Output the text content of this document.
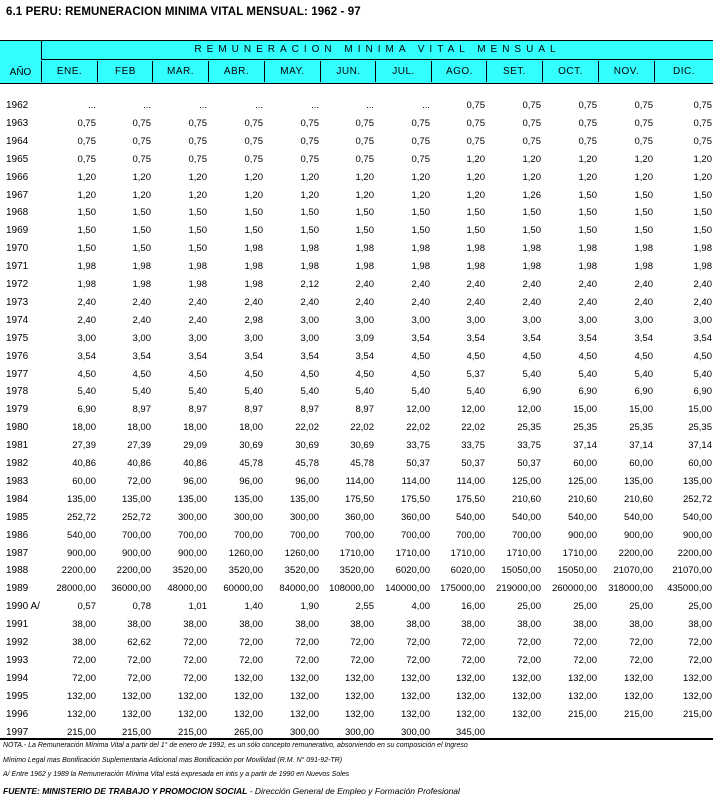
6.1 PERU: REMUNERACION MINIMA VITAL MENSUAL: 1962 - 97
REMUNERACION MINIMA VITAL MENSUAL
AÑO	ENE.	FEB	MAR.	ABR.	MAY.	JUN.	JUL.	AGO.	SET.	OCT.	NOV.	DIC.
1962	...	...	...	...	...	...	...	0,75	0,75	0,75	0,75	0,75
1963	0,75	0,75	0,75	0,75	0,75	0,75	0,75	0,75	0,75	0,75	0,75	0,75
1964	0,75	0,75	0,75	0,75	0,75	0,75	0,75	0,75	0,75	0,75	0,75	0,75
1965	0,75	0,75	0,75	0,75	0,75	0,75	0,75	1,20	1,20	1,20	1,20	1,20
1966	1,20	1,20	1,20	1,20	1,20	1,20	1,20	1,20	1,20	1,20	1,20	1,20
1967	1,20	1,20	1,20	1,20	1,20	1,20	1,20	1,20	1,26	1,50	1,50	1,50
1968	1,50	1,50	1,50	1,50	1,50	1,50	1,50	1,50	1,50	1,50	1,50	1,50
1969	1,50	1,50	1,50	1,50	1,50	1,50	1,50	1,50	1,50	1,50	1,50	1,50
1970	1,50	1,50	1,50	1,98	1,98	1,98	1,98	1,98	1,98	1,98	1,98	1,98
1971	1,98	1,98	1,98	1,98	1,98	1,98	1,98	1,98	1,98	1,98	1,98	1,98
1972	1,98	1,98	1,98	1,98	2,12	2,40	2,40	2,40	2,40	2,40	2,40	2,40
1973	2,40	2,40	2,40	2,40	2,40	2,40	2,40	2,40	2,40	2,40	2,40	2,40
1974	2,40	2,40	2,40	2,98	3,00	3,00	3,00	3,00	3,00	3,00	3,00	3,00
1975	3,00	3,00	3,00	3,00	3,00	3,09	3,54	3,54	3,54	3,54	3,54	3,54
1976	3,54	3,54	3,54	3,54	3,54	3,54	4,50	4,50	4,50	4,50	4,50	4,50
1977	4,50	4,50	4,50	4,50	4,50	4,50	4,50	5,37	5,40	5,40	5,40	5,40
1978	5,40	5,40	5,40	5,40	5,40	5,40	5,40	5,40	6,90	6,90	6,90	6,90
1979	6,90	8,97	8,97	8,97	8,97	8,97	12,00	12,00	12,00	15,00	15,00	15,00
1980	18,00	18,00	18,00	18,00	22,02	22,02	22,02	22,02	25,35	25,35	25,35	25,35
1981	27,39	27,39	29,09	30,69	30,69	30,69	33,75	33,75	33,75	37,14	37,14	37,14
1982	40,86	40,86	40,86	45,78	45,78	45,78	50,37	50,37	50,37	60,00	60,00	60,00
1983	60,00	72,00	96,00	96,00	96,00	114,00	114,00	114,00	125,00	125,00	135,00	135,00
1984	135,00	135,00	135,00	135,00	135,00	175,50	175,50	175,50	210,60	210,60	210,60	252,72
1985	252,72	252,72	300,00	300,00	300,00	360,00	360,00	540,00	540,00	540,00	540,00	540,00
1986	540,00	700,00	700,00	700,00	700,00	700,00	700,00	700,00	700,00	900,00	900,00	900,00
1987	900,00	900,00	900,00	1260,00	1260,00	1710,00	1710,00	1710,00	1710,00	1710,00	2200,00	2200,00
1988	2200,00	2200,00	3520,00	3520,00	3520,00	3520,00	6020,00	6020,00	15050,00	15050,00	21070,00	21070,00
1989	28000,00	36000,00	48000,00	60000,00	84000,00	108000,00	140000,00	175000,00	219000,00	260000,00	318000,00	435000,00
1990 A/	0,57	0,78	1,01	1,40	1,90	2,55	4,00	16,00	25,00	25,00	25,00	25,00
1991	38,00	38,00	38,00	38,00	38,00	38,00	38,00	38,00	38,00	38,00	38,00	38,00
1992	38,00	62,62	72,00	72,00	72,00	72,00	72,00	72,00	72,00	72,00	72,00	72,00
1993	72,00	72,00	72,00	72,00	72,00	72,00	72,00	72,00	72,00	72,00	72,00	72,00
1994	72,00	72,00	72,00	132,00	132,00	132,00	132,00	132,00	132,00	132,00	132,00	132,00
1995	132,00	132,00	132,00	132,00	132,00	132,00	132,00	132,00	132,00	132,00	132,00	132,00
1996	132,00	132,00	132,00	132,00	132,00	132,00	132,00	132,00	132,00	215,00	215,00	215,00
1997	215,00	215,00	215,00	265,00	300,00	300,00	300,00	345,00
NOTA.- La Remuneración Mínima Vital a partir del 1° de enero de 1992, es un sólo concepto remunerativo, absorviendo en su composición el Ingreso
Mínimo Legal mas Bonificación Suplementaria Adicional mas Bonificación por Movilidad (R.M. N° 091-92-TR)
A/ Entre 1962 y 1989 la Remuneración Mínima Vital está expresada en intis y a partir de 1990 en Nuevos Soles
FUENTE: MINISTERIO DE TRABAJO Y PROMOCION SOCIAL - Dirección General de Empleo y Formación Profesional
